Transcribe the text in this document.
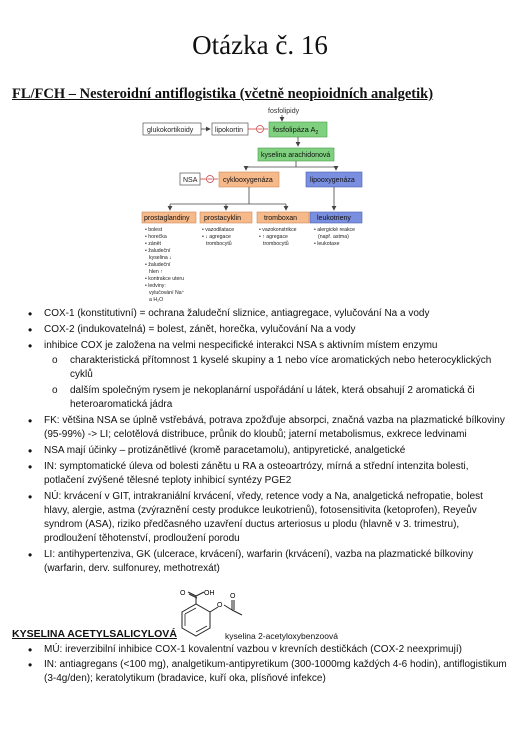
Otázka č. 16
FL/FCH – Nesteroidní antiflogistika (včetně neopioidních analgetik)
fosfolipidy
glukokortikoidy	lipokortin	fosfolipáza $A_2$
kyselina arachidonová
NSA	cyklooxygenáza	lipooxygenáza
prostaglandiny prostacyklin	tromboxan	leukotrieny
• bolest
• horečka
• zánět
• žaludeční
kyselina ↓
• žaludeční
hlen ↑
• kontrakce uteru
• ledviny:
vylučování Na⁺
a H₂O
• vazodilatace
• ↓ agregace
trombocytů
• vazokonstrikce
• ↑ agregace
trombocytů
• alergické reakce
(např. astma)
• leukotaxe
• COX-1 (konstitutivní) = ochrana žaludeční sliznice, antiagregace, vylučování Na a vody
• COX-2 (indukovatelná) = bolest, zánět, horečka, vylučování Na a vody
• inhibice COX je založena na velmi nespecifické interakci NSA s aktivním místem enzymu
o charakteristická přítomnost 1 kyselé skupiny a 1 nebo více aromatických nebo heterocyklických cyklů
o dalším společným rysem je nekoplanární uspořádání u látek, která obsahují 2 aromatická či heteroaromatická jádra
• FK: většina NSA se úplně vstřebává, potrava zpožďuje absorpci, značná vazba na plazmatické bílkoviny (95-99%) -> LI; celotělová distribuce, průnik do kloubů; jaterní metabolismus, exkrece ledvinami
• NSA mají účinky – protizánětlivé (kromě paracetamolu), antipyretické, analgetické
• IN: symptomatické úleva od bolesti zánětu u RA a osteoartrózy, mírná a střední intenzita bolesti, potlačení zvýšené tělesné teploty inhibicí syntézy PGE2
• NÚ: krvácení v GIT, intrakraniální krvácení, vředy, retence vody a Na, analgetická nefropatie, bolest hlavy, alergie, astma (zvýraznění cesty produkce leukotrienů), fotosensitivita (ketoprofen), Reyeův syndrom (ASA), riziko předčasného uzavření ductus arteriosus u plodu (hlavně v 3. trimestru), prodloužení těhotenství, prodloužení porodu
• LI: antihypertenziva, GK (ulcerace, krvácení), warfarin (krvácení), vazba na plazmatické bílkoviny (warfarin, derv. sulfonurey, methotrexát)
O	OH
O
O
kyselina 2-acetyloxybenzoová
KYSELINA ACETYLSALICYLOVÁ
• MÚ: ireverzibilní inhibice COX-1 kovalentní vazbou v krevních destičkách (COX-2 neexprimují)
• IN: antiagregans (<100 mg), analgetikum-antipyretikum (300-1000mg každých 4-6 hodin), antiflogistikum (3-4g/den); keratolytikum (bradavice, kuří oka, plísňové infekce)
